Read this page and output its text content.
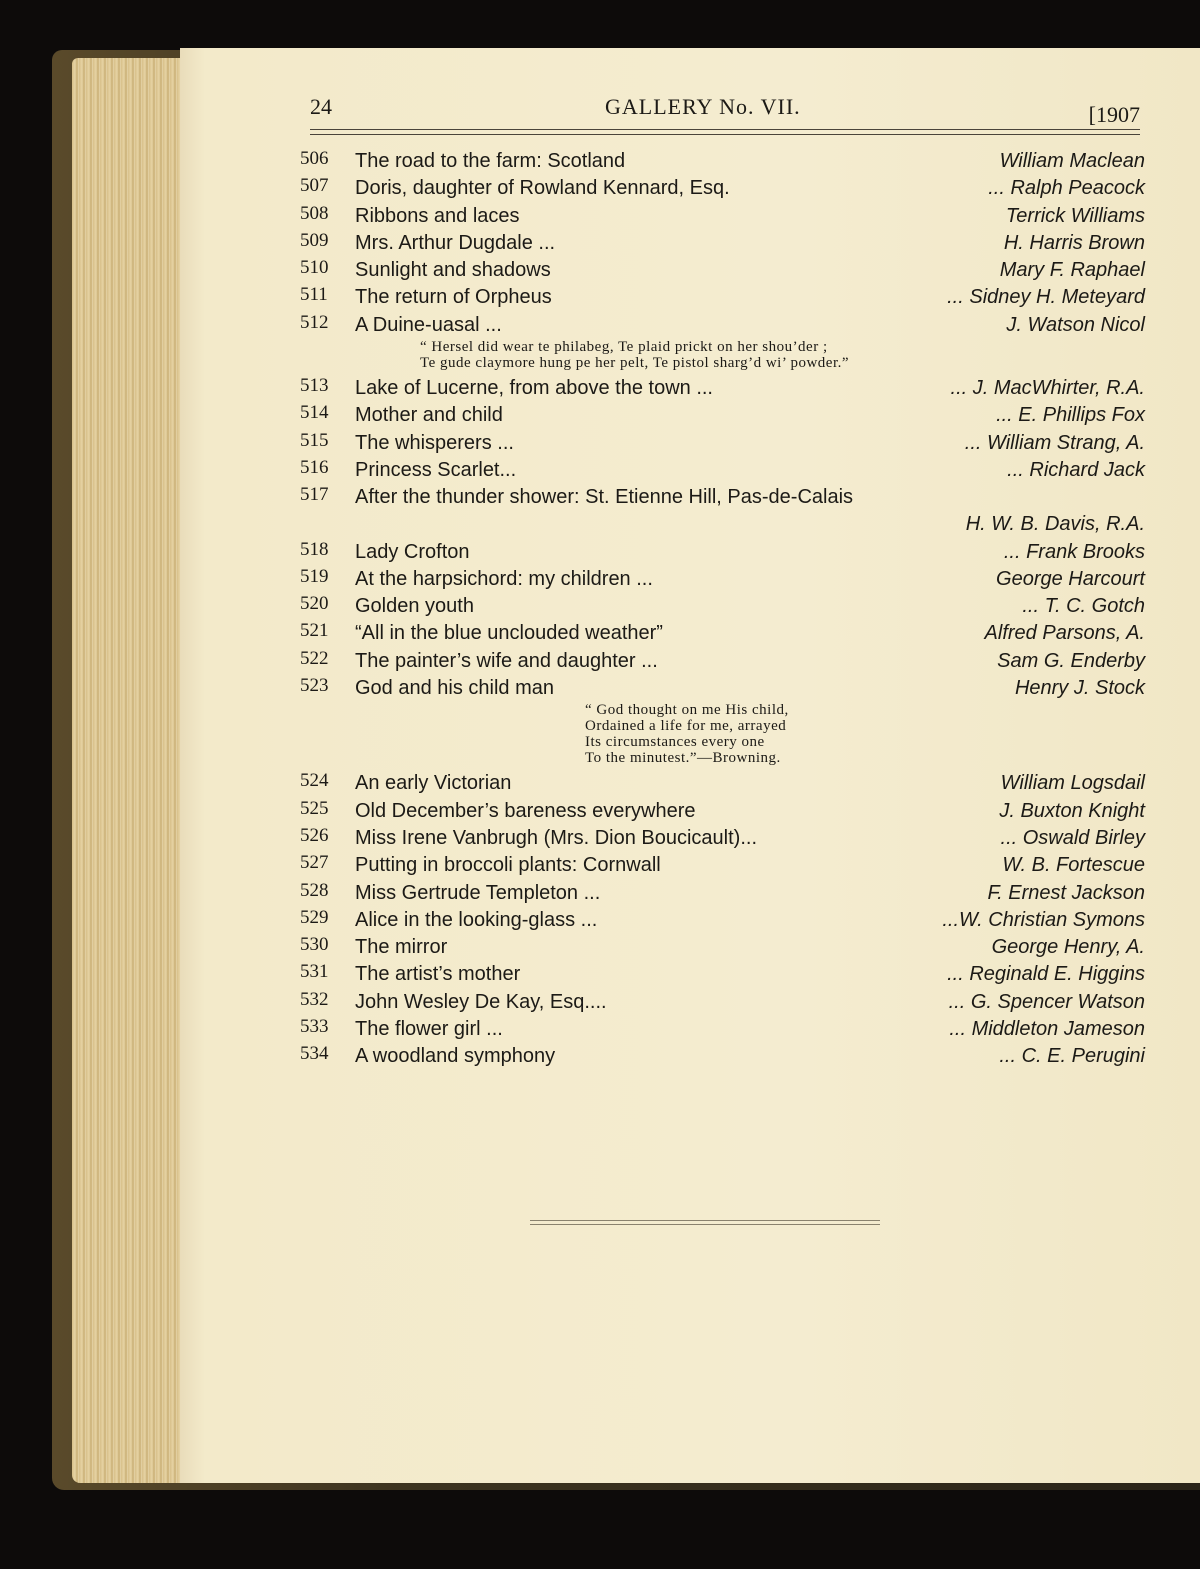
24	GALLERY No. VII.	[1907
506	The road to the farm: Scotland	William Maclean
507	Doris, daughter of Rowland Kennard, Esq.	... Ralph Peacock
508	Ribbons and laces	Terrick Williams
509	Mrs. Arthur Dugdale ...	H. Harris Brown
510	Sunlight and shadows	Mary F. Raphael
511	The return of Orpheus	... Sidney H. Meteyard
512	A Duine-uasal ...	J. Watson Nicol
“ Hersel did wear te philabeg, Te plaid prickt on her shou’der ;
Te gude claymore hung pe her pelt, Te pistol sharg’d wi’ powder.”
513	Lake of Lucerne, from above the town ...	... J. MacWhirter, R.A.
514	Mother and child	... E. Phillips Fox
515	The whisperers ...	... William Strang, A.
516	Princess Scarlet...	... Richard Jack
517	After the thunder shower: St. Etienne Hill, Pas-de-Calais
H. W. B. Davis, R.A.
518	Lady Crofton	... Frank Brooks
519	At the harpsichord: my children ...	George Harcourt
520	Golden youth	... T. C. Gotch
521	“All in the blue unclouded weather”	Alfred Parsons, A.
522	The painter’s wife and daughter ...	Sam G. Enderby
523	God and his child man	Henry J. Stock
“ God thought on me His child,
Ordained a life for me, arrayed
Its circumstances every one
To the minutest.”—Browning.
524	An early Victorian	William Logsdail
525	Old December’s bareness everywhere	J. Buxton Knight
526	Miss Irene Vanbrugh (Mrs. Dion Boucicault)...	... Oswald Birley
527	Putting in broccoli plants: Cornwall	W. B. Fortescue
528	Miss Gertrude Templeton ...	F. Ernest Jackson
529	Alice in the looking-glass ...	...W. Christian Symons
530	The mirror	George Henry, A.
531	The artist’s mother	... Reginald E. Higgins
532	John Wesley De Kay, Esq....	... G. Spencer Watson
533	The flower girl ...	... Middleton Jameson
534	A woodland symphony	... C. E. Perugini
